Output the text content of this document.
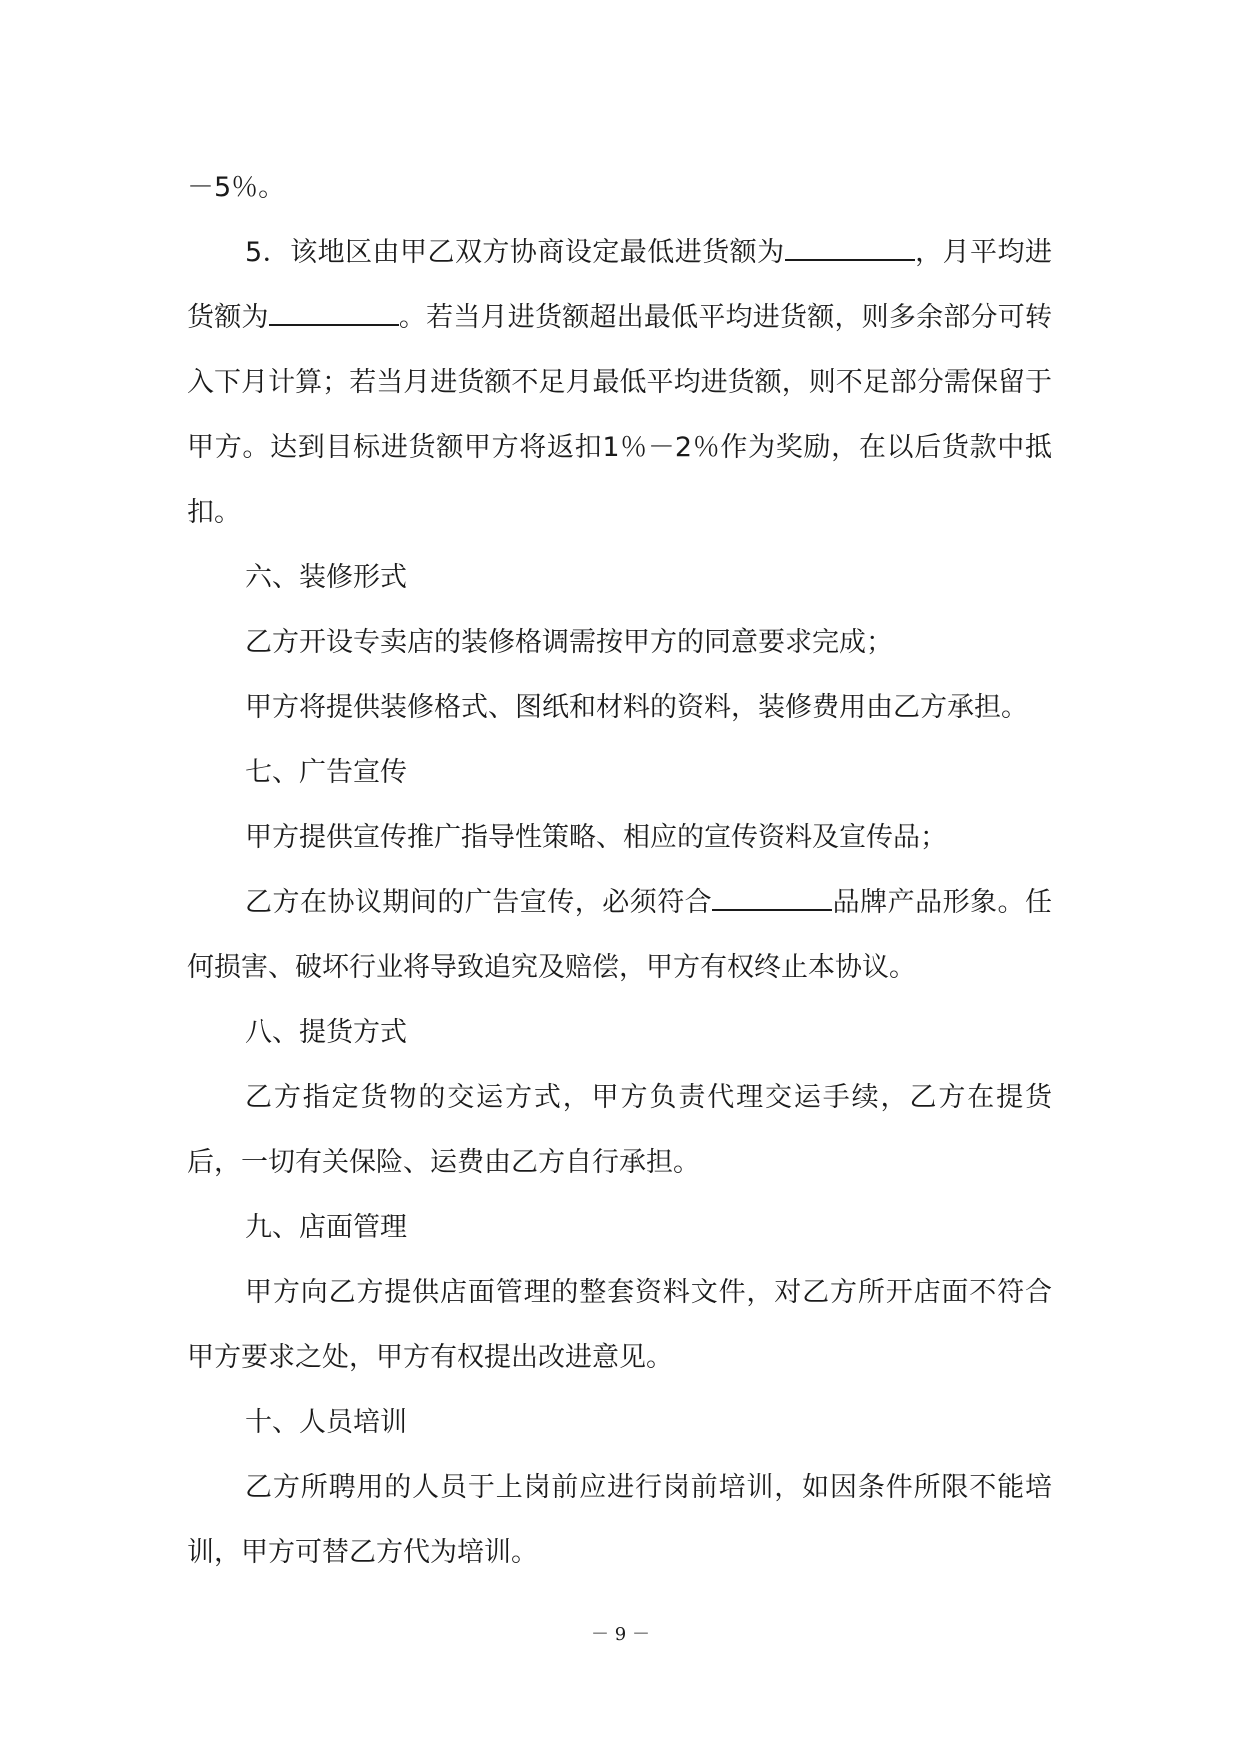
－5％。

5．该地区由甲乙双方协商设定最低进货额为	，月平均进货额为	。若当月进货额超出最低平均进货额，则多余部分可转入下月计算；若当月进货额不足月最低平均进货额，则不足部分需保留于甲方。达到目标进货额甲方将返扣1％－2％作为奖励，在以后货款中抵扣。

六、装修形式

乙方开设专卖店的装修格调需按甲方的同意要求完成；

甲方将提供装修格式、图纸和材料的资料，装修费用由乙方承担。

七、广告宣传

甲方提供宣传推广指导性策略、相应的宣传资料及宣传品；

乙方在协议期间的广告宣传，必须符合	品牌产品形象。任何损害、破坏行业将导致追究及赔偿，甲方有权终止本协议。

八、提货方式

乙方指定货物的交运方式，甲方负责代理交运手续，乙方在提货后，一切有关保险、运费由乙方自行承担。

九、店面管理

甲方向乙方提供店面管理的整套资料文件，对乙方所开店面不符合甲方要求之处，甲方有权提出改进意见。

十、人员培训

乙方所聘用的人员于上岗前应进行岗前培训，如因条件所限不能培训，甲方可替乙方代为培训。

－ 9 －
